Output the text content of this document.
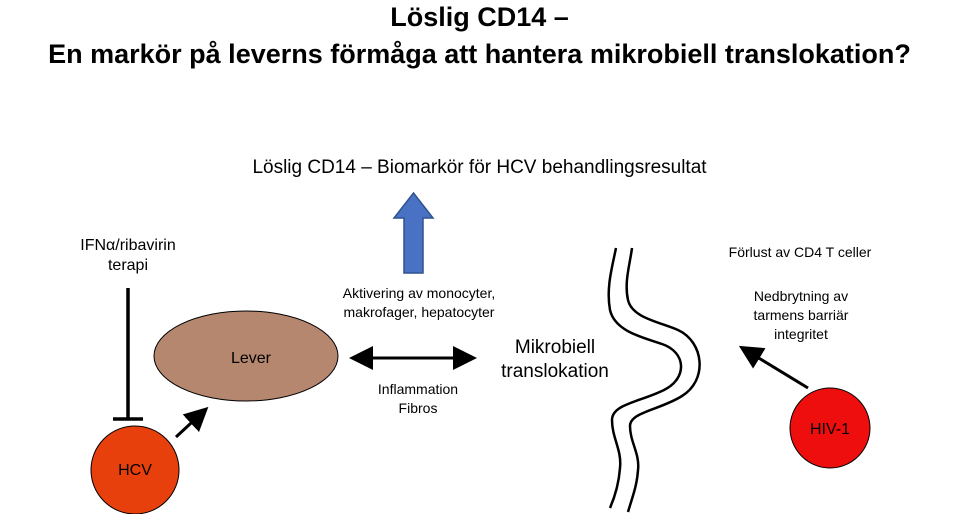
Löslig CD14 –
En markör på leverns förmåga att hantera mikrobiell translokation?
Löslig CD14 – Biomarkör för HCV behandlingsresultat
IFNα/ribavirin
terapi
Lever
HCV
Aktivering av monocyter,
makrofager, hepatocyter
Inflammation
Fibros
Mikrobiell
translokation
Förlust av CD4 T celler
Nedbrytning av
tarmens barriär
integritet
HIV-1
